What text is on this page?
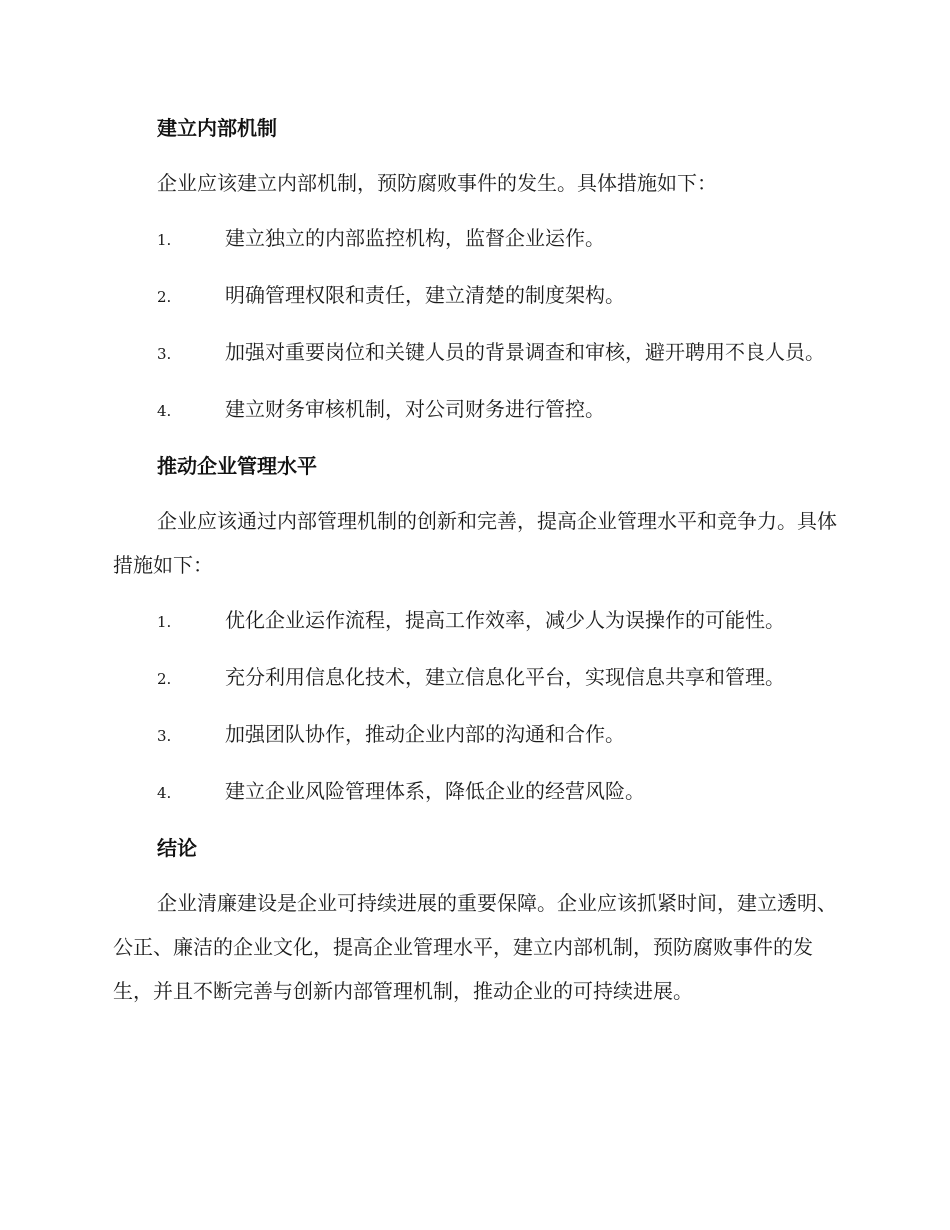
建立内部机制

企业应该建立内部机制，预防腐败事件的发生。具体措施如下：

1.	建立独立的内部监控机构，监督企业运作。
2.	明确管理权限和责任，建立清楚的制度架构。
3.	加强对重要岗位和关键人员的背景调查和审核，避开聘用不良人员。
4.	建立财务审核机制，对公司财务进行管控。
推动企业管理水平

企业应该通过内部管理机制的创新和完善，提高企业管理水平和竞争力。具体措施如下：

1.	优化企业运作流程，提高工作效率，减少人为误操作的可能性。
2.	充分利用信息化技术，建立信息化平台，实现信息共享和管理。
3.	加强团队协作，推动企业内部的沟通和合作。
4.	建立企业风险管理体系，降低企业的经营风险。
结论

企业清廉建设是企业可持续进展的重要保障。企业应该抓紧时间，建立透明、公正、廉洁的企业文化，提高企业管理水平，建立内部机制，预防腐败事件的发生，并且不断完善与创新内部管理机制，推动企业的可持续进展。
